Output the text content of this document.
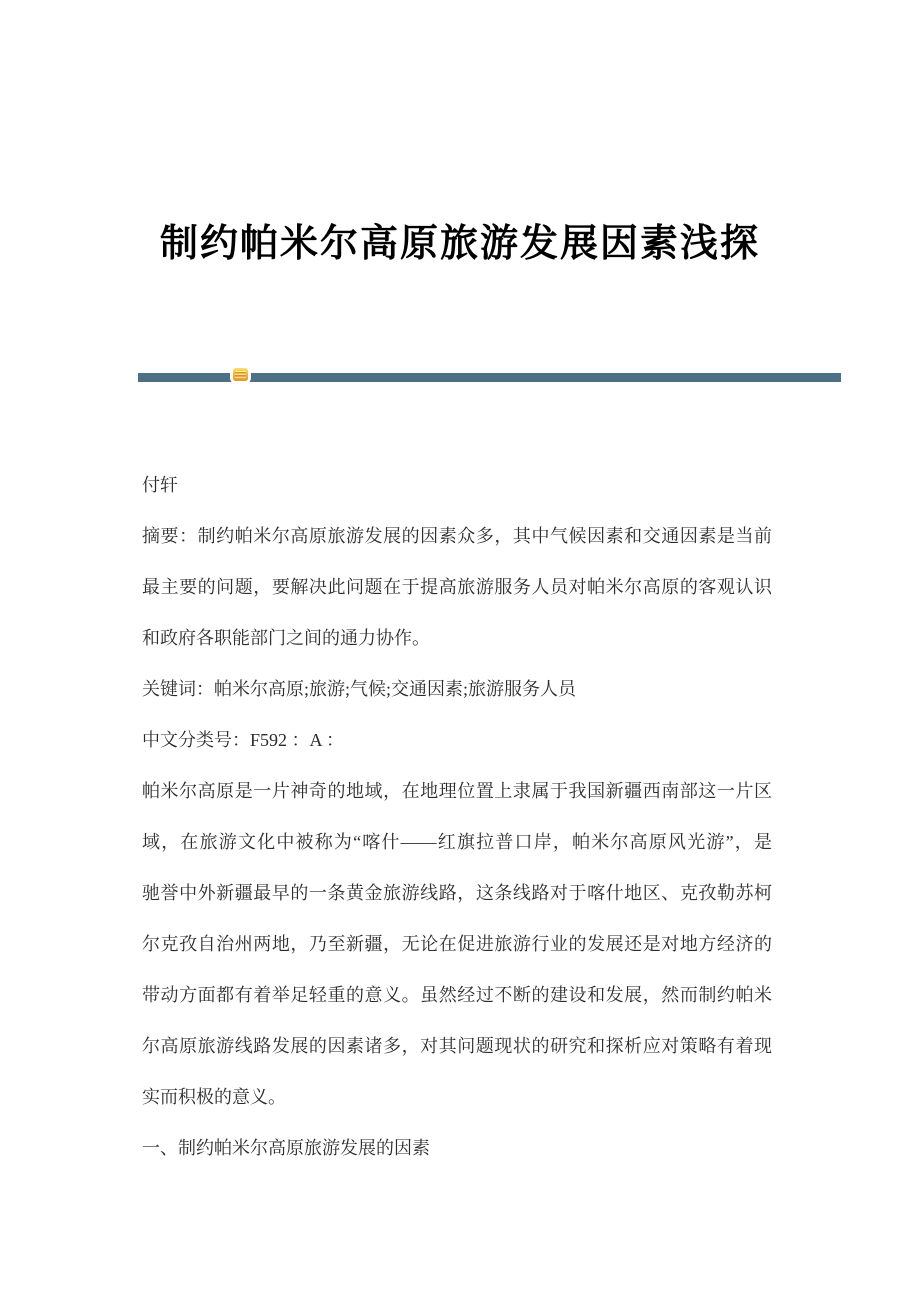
制约帕米尔高原旅游发展因素浅探
付轩
摘要：制约帕米尔高原旅游发展的因素众多，其中气候因素和交通因素是当前
最主要的问题，要解决此问题在于提高旅游服务人员对帕米尔高原的客观认识
和政府各职能部门之间的通力协作。
关键词：帕米尔高原;旅游;气候;交通因素;旅游服务人员
中文分类号：F592 ：A ：
帕米尔高原是一片神奇的地域，在地理位置上隶属于我国新疆西南部这一片区
域，在旅游文化中被称为“喀什——红旗拉普口岸，帕米尔高原风光游”，是
驰誉中外新疆最早的一条黄金旅游线路，这条线路对于喀什地区、克孜勒苏柯
尔克孜自治州两地，乃至新疆，无论在促进旅游行业的发展还是对地方经济的
带动方面都有着举足轻重的意义。虽然经过不断的建设和发展，然而制约帕米
尔高原旅游线路发展的因素诸多，对其问题现状的研究和探析应对策略有着现
实而积极的意义。
一、制约帕米尔高原旅游发展的因素
